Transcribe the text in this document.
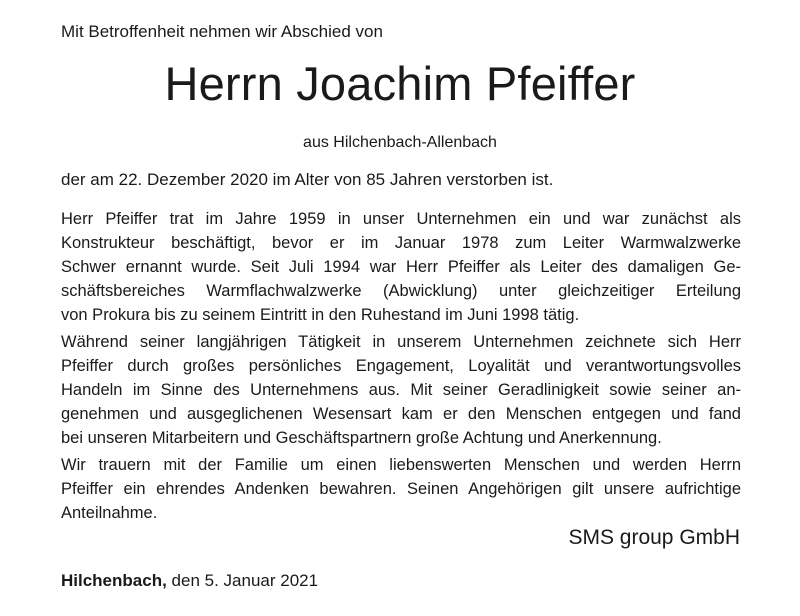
Mit Betroffenheit nehmen wir Abschied von
Herrn Joachim Pfeiffer
aus Hilchenbach-Allenbach
der am 22. Dezember 2020 im Alter von 85 Jahren verstorben ist.

Herr Pfeiffer trat im Jahre 1959 in unser Unternehmen ein und war zunächst als
Konstrukteur beschäftigt, bevor er im Januar 1978 zum Leiter Warmwalzwerke
Schwer ernannt wurde. Seit Juli 1994 war Herr Pfeiffer als Leiter des damaligen Ge-
schäftsbereiches Warmflachwalzwerke (Abwicklung) unter gleichzeitiger Erteilung
von Prokura bis zu seinem Eintritt in den Ruhestand im Juni 1998 tätig.

Während seiner langjährigen Tätigkeit in unserem Unternehmen zeichnete sich Herr
Pfeiffer durch großes persönliches Engagement, Loyalität und verantwortungsvolles
Handeln im Sinne des Unternehmens aus. Mit seiner Geradlinigkeit sowie seiner an-
genehmen und ausgeglichenen Wesensart kam er den Menschen entgegen und fand
bei unseren Mitarbeitern und Geschäftspartnern große Achtung und Anerkennung.

Wir trauern mit der Familie um einen liebenswerten Menschen und werden Herrn
Pfeiffer ein ehrendes Andenken bewahren. Seinen Angehörigen gilt unsere aufrichtige
Anteilnahme.

SMS group GmbH
Hilchenbach, den 5. Januar 2021
